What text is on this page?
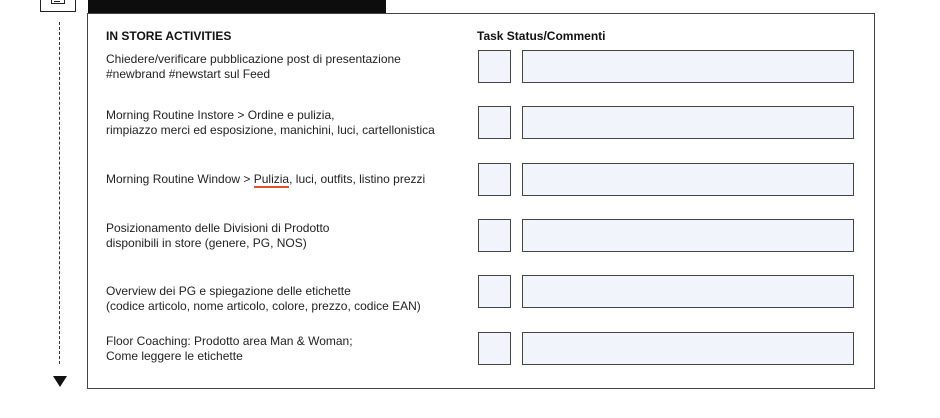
IN STORE ACTIVITIES	Task Status/Commenti
Chiedere/verificare pubblicazione post di presentazione
#newbrand #newstart sul Feed
Morning Routine Instore > Ordine e pulizia,
rimpiazzo merci ed esposizione, manichini, luci, cartellonistica
Morning Routine Window > Pulizia, luci, outfits, listino prezzi
Posizionamento delle Divisioni di Prodotto
disponibili in store (genere, PG, NOS)
Overview dei PG e spiegazione delle etichette
(codice articolo, nome articolo, colore, prezzo, codice EAN)
Floor Coaching: Prodotto area Man & Woman;
Come leggere le etichette
